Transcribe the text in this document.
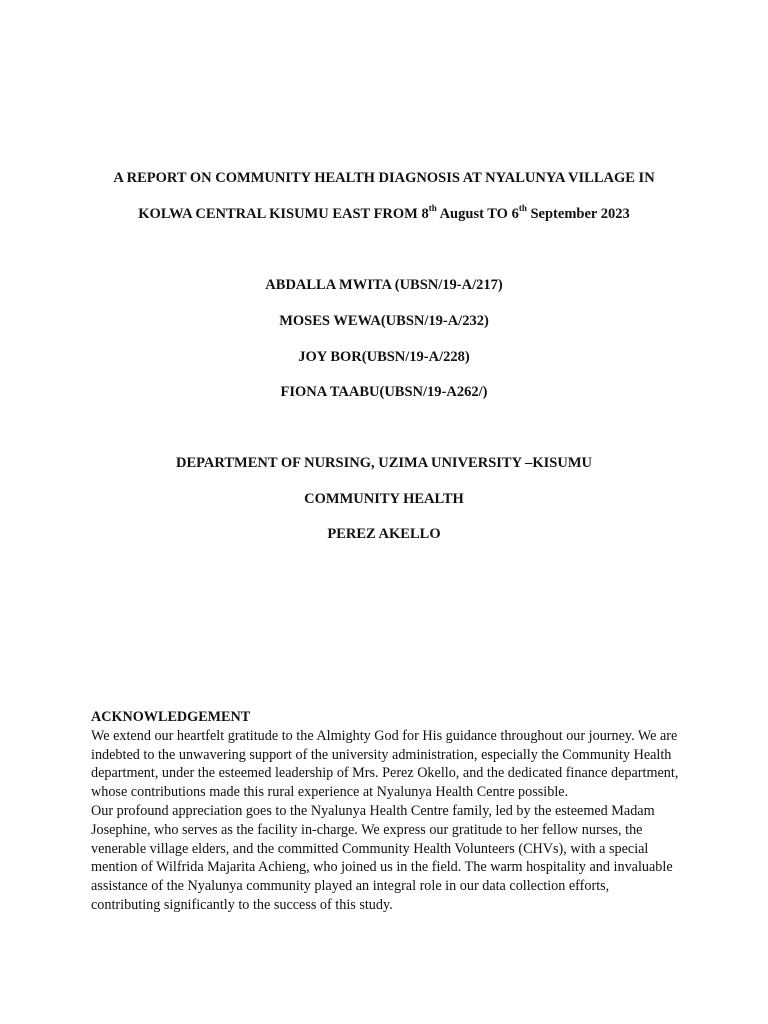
A REPORT ON COMMUNITY HEALTH DIAGNOSIS AT NYALUNYA VILLAGE IN
KOLWA CENTRAL KISUMU EAST FROM 8th August TO 6th September 2023
ABDALLA MWITA (UBSN/19-A/217)
MOSES WEWA(UBSN/19-A/232)
JOY BOR(UBSN/19-A/228)
FIONA TAABU(UBSN/19-A262/)
DEPARTMENT OF NURSING, UZIMA UNIVERSITY –KISUMU
COMMUNITY HEALTH
PEREZ AKELLO
ACKNOWLEDGEMENT

We extend our heartfelt gratitude to the Almighty God for His guidance throughout our journey. We are indebted to the unwavering support of the university administration, especially the Community Health department, under the esteemed leadership of Mrs. Perez Okello, and the dedicated finance department, whose contributions made this rural experience at Nyalunya Health Centre possible.

Our profound appreciation goes to the Nyalunya Health Centre family, led by the esteemed Madam Josephine, who serves as the facility in-charge. We express our gratitude to her fellow nurses, the venerable village elders, and the committed Community Health Volunteers (CHVs), with a special mention of Wilfrida Majarita Achieng, who joined us in the field. The warm hospitality and invaluable assistance of the Nyalunya community played an integral role in our data collection efforts, contributing significantly to the success of this study.
